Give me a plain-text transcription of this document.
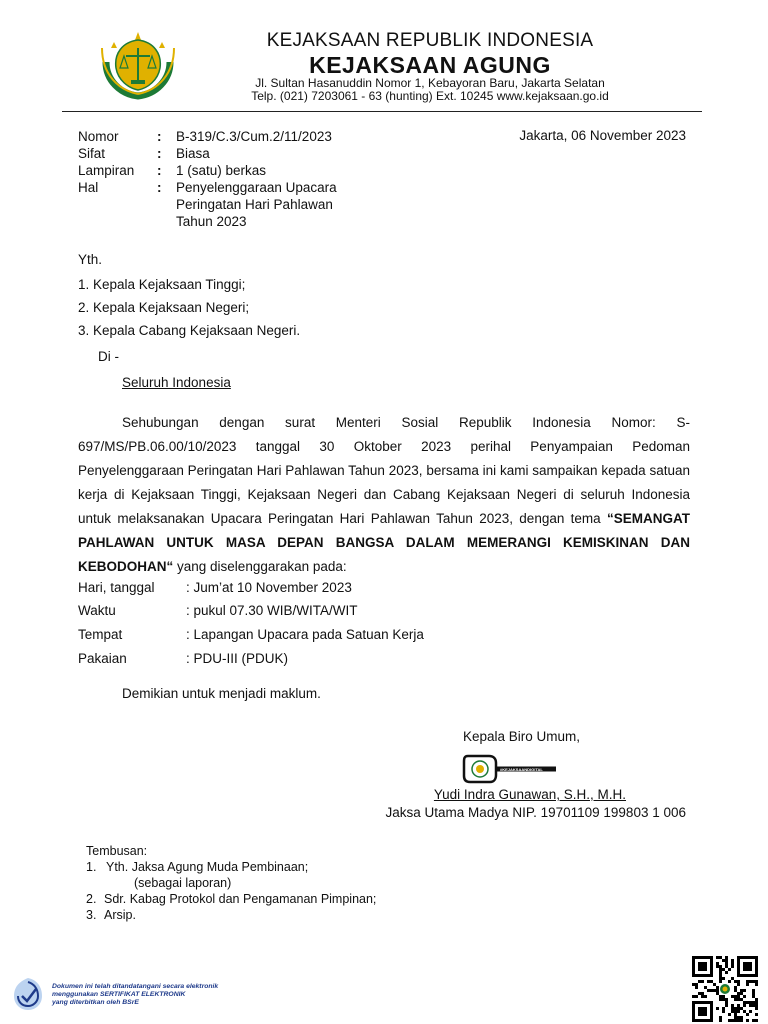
KEJAKSAAN REPUBLIK INDONESIA
KEJAKSAAN AGUNG
Jl. Sultan Hasanuddin Nomor 1, Kebayoran Baru, Jakarta Selatan
Telp. (021) 7203061 - 63 (hunting) Ext. 10245 www.kejaksaan.go.id
Nomor	: B-319/C.3/Cum.2/11/2023
Sifat	: Biasa
Lampiran : 1 (satu) berkas
Hal	: Penyelenggaraan Upacara
Peringatan Hari Pahlawan
Tahun 2023
Jakarta, 06 November 2023
Yth.
1. Kepala Kejaksaan Tinggi;
2. Kepala Kejaksaan Negeri;
3. Kepala Cabang Kejaksaan Negeri.
Di -
Seluruh Indonesia
Sehubungan dengan surat Menteri Sosial Republik Indonesia Nomor: S-697/MS/PB.06.00/10/2023 tanggal 30 Oktober 2023 perihal Penyampaian Pedoman Penyelenggaraan Peringatan Hari Pahlawan Tahun 2023, bersama ini kami sampaikan kepada satuan kerja di Kejaksaan Tinggi, Kejaksaan Negeri dan Cabang Kejaksaan Negeri di seluruh Indonesia untuk melaksanakan Upacara Peringatan Hari Pahlawan Tahun 2023, dengan tema “SEMANGAT PAHLAWAN UNTUK MASA DEPAN BANGSA DALAM MEMERANGI KEMISKINAN DAN KEBODOHAN“ yang diselenggarakan pada:
Hari, tanggal : Jum’at 10 November 2023
Waktu	: pukul 07.30 WIB/WITA/WIT
Tempat	: Lapangan Upacara pada Satuan Kerja
Pakaian	: PDU-III (PDUK)
Demikian untuk menjadi maklum.
Kepala Biro Umum,
#KEJAKSAANDIGITAL
Yudi Indra Gunawan, S.H., M.H.
Jaksa Utama Madya NIP. 19701109 199803 1 006
Tembusan:
1. Yth. Jaksa Agung Muda Pembinaan;
(sebagai laporan)
2. Sdr. Kabag Protokol dan Pengamanan Pimpinan;
3. Arsip.
Dokumen ini telah ditandatangani secara elektronik
menggunakan SERTIFIKAT ELEKTRONIK
yang diterbitkan oleh BSrE
